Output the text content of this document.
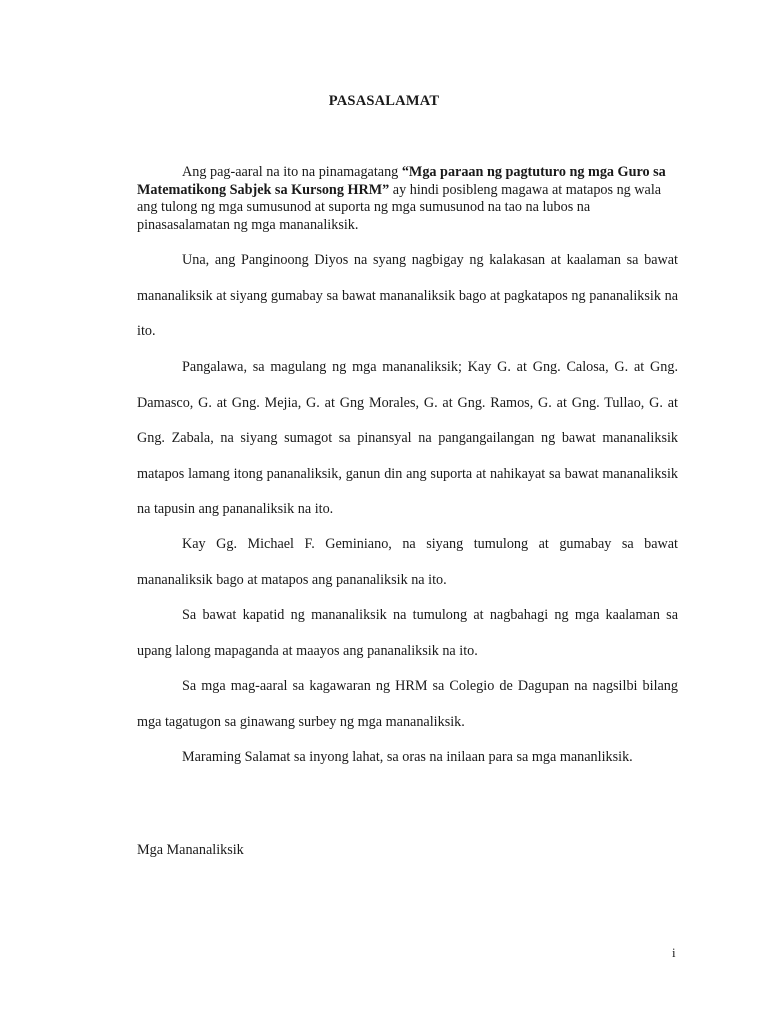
PASASALAMAT
Ang pag-aaral na ito na pinamagatang “Mga paraan ng pagtuturo ng mga Guro sa Matematikong Sabjek sa Kursong HRM” ay hindi posibleng magawa at matapos ng wala ang tulong ng mga sumusunod at suporta ng mga sumusunod na tao na lubos na pinasasalamatan ng mga mananaliksik.

Una, ang Panginoong Diyos na syang nagbigay ng kalakasan at kaalaman sa bawat mananaliksik at siyang gumabay sa bawat mananaliksik bago at pagkatapos ng pananaliksik na ito.

Pangalawa, sa magulang ng mga mananaliksik; Kay G. at Gng. Calosa, G. at Gng. Damasco, G. at Gng. Mejia, G. at Gng Morales, G. at Gng. Ramos, G. at Gng. Tullao, G. at Gng. Zabala, na siyang sumagot sa pinansyal na pangangailangan ng bawat mananaliksik matapos lamang itong pananaliksik, ganun din ang suporta at nahikayat sa bawat mananaliksik na tapusin ang pananaliksik na ito.

Kay Gg. Michael F. Geminiano, na siyang tumulong at gumabay sa bawat mananaliksik bago at matapos ang pananaliksik na ito.

Sa bawat kapatid ng mananaliksik na tumulong at nagbahagi ng mga kaalaman sa upang lalong mapaganda at maayos ang pananaliksik na ito.

Sa mga mag-aaral sa kagawaran ng HRM sa Colegio de Dagupan na nagsilbi bilang mga tagatugon sa ginawang surbey ng mga mananaliksik.

Maraming Salamat sa inyong lahat, sa oras na inilaan para sa mga mananliksik.

Mga Mananaliksik
i
